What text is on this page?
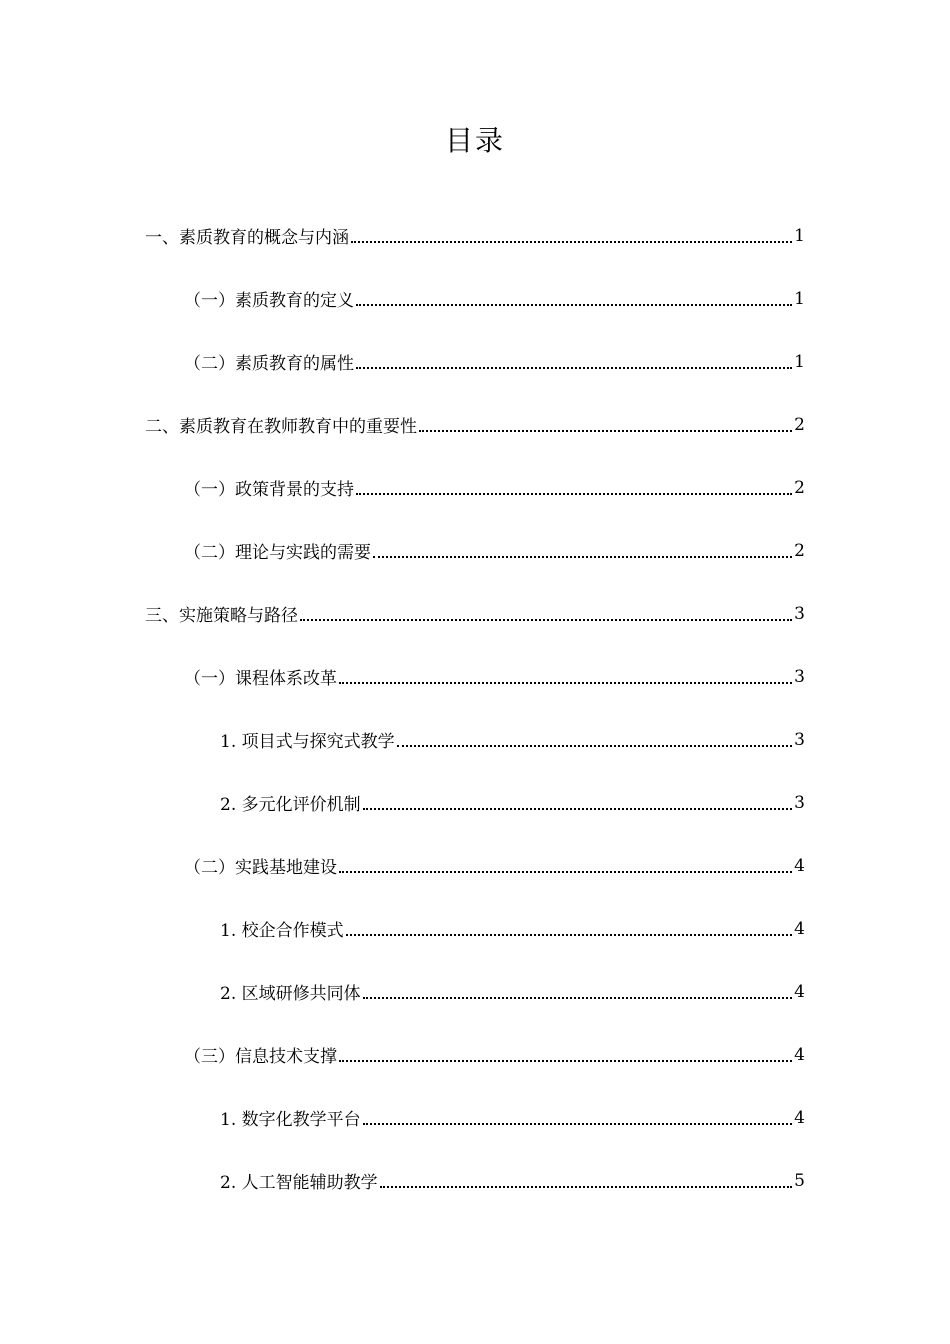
目录
一、素质教育的概念与内涵	1
（一）素质教育的定义	1
（二）素质教育的属性	1
二、素质教育在教师教育中的重要性	2
（一）政策背景的支持	2
（二）理论与实践的需要	2
三、实施策略与路径	3
（一）课程体系改革	3
1. 项目式与探究式教学	3
2. 多元化评价机制	3
（二）实践基地建设	4
1. 校企合作模式	4
2. 区域研修共同体	4
（三）信息技术支撑	4
1. 数字化教学平台	4
2. 人工智能辅助教学	5
